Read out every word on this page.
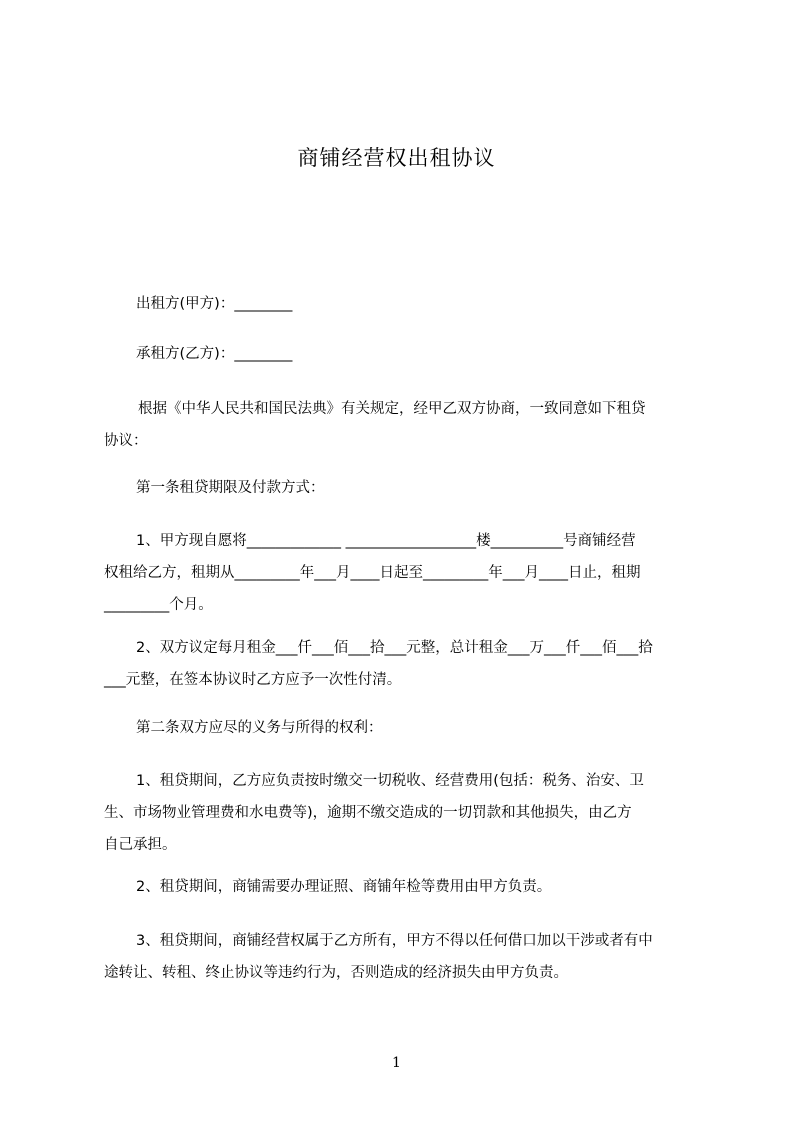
商铺经营权出租协议
出租方(甲方)：________
承租方(乙方)：________
根据《中华人民共和国民法典》有关规定，经甲乙双方协商，一致同意如下租贷
协议：
第一条租贷期限及付款方式：
1、甲方现自愿将_____________ __________________楼__________号商铺经营
权租给乙方，租期从_________年___月____日起至_________年___月____日止，租期
_________个月。
2、双方议定每月租金___仟___佰___拾___元整，总计租金___万___仟___佰___拾
___元整，在签本协议时乙方应予一次性付清。
第二条双方应尽的义务与所得的权利：
1、租贷期间，乙方应负责按时缴交一切税收、经营费用(包括：税务、治安、卫
生、市场物业管理费和水电费等)，逾期不缴交造成的一切罚款和其他损失，由乙方
自己承担。
2、租贷期间，商铺需要办理证照、商铺年检等费用由甲方负责。
3、租贷期间，商铺经营权属于乙方所有，甲方不得以任何借口加以干涉或者有中
途转让、转租、终止协议等违约行为，否则造成的经济损失由甲方负责。
1
